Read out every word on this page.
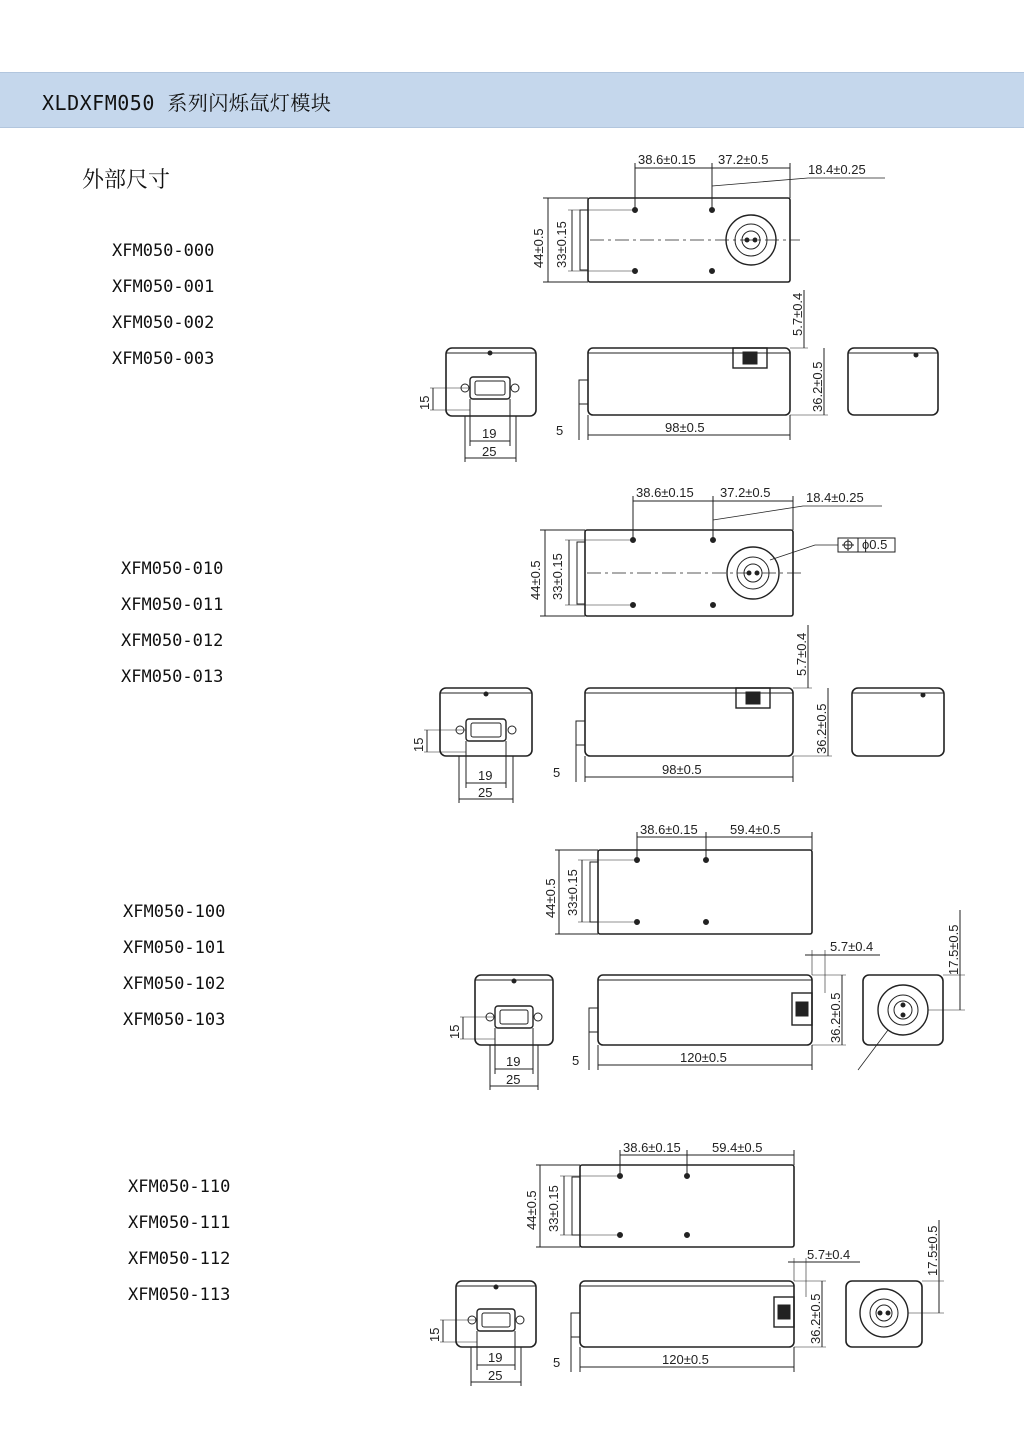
XLDXFM050 系列闪烁氙灯模块
外部尺寸
XFM050-000
XFM050-001
XFM050-002
XFM050-003
XFM050-010
XFM050-011
XFM050-012
XFM050-013
XFM050-100
XFM050-101
XFM050-102
XFM050-103
XFM050-110
XFM050-111
XFM050-112
XFM050-113
38.6±0.15 37.2±0.5
18.4±0.25
44±0.5 33±0.15
15
19
25
5.7±0.4
36.2±0.5
98±0.5
5
38.6±0.15 37.2±0.5	18.4±0.25
ϕ0.5
44±0.5 33±0.15
15
19
25
5.7±0.4
36.2±0.5
98±0.5
5
38.6±0.15 59.4±0.5
44±0.5 33±0.15
15
19
25
5.7±0.4
36.2±0.5
120±0.5
5
17.5±0.5
38.6±0.15 59.4±0.5
44±0.5 33±0.15
15
19
25
5.7±0.4
36.2±0.5
120±0.5
5
17.5±0.5
